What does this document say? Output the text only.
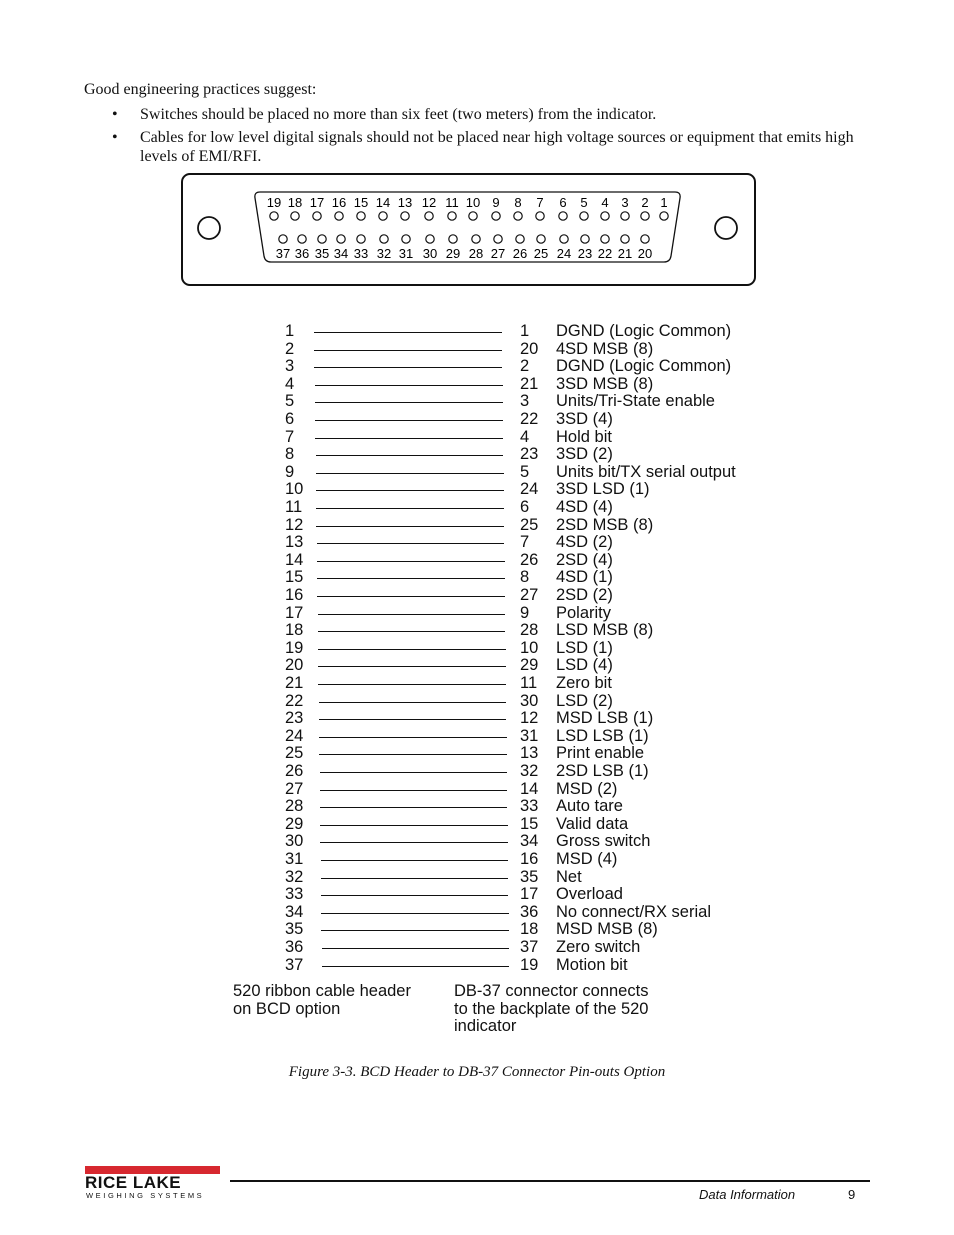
Good engineering practices suggest:
• Switches should be placed no more than six feet (two meters) from the indicator.
• Cables for low level digital signals should not be placed near high voltage sources or equipment that emits high levels of EMI/RFI.
19 18 17 16 15 14 13 12 11 10 9 8 7 6 5 4 3 2 1
37 36 35 34 33 32 31 30 29 28 27 26 25 24 23 22 21 20
1	1 DGND (Logic Common)
2	20 4SD MSB (8)
3	2 DGND (Logic Common)
4	21 3SD MSB (8)
5	3 Units/Tri-State enable
6	22 3SD (4)
7	4 Hold bit
8	23 3SD (2)
9	5 Units bit/TX serial output
10	24 3SD LSD (1)
11	6 4SD (4)
12	25 2SD MSB (8)
13	7 4SD (2)
14	26 2SD (4)
15	8 4SD (1)
16	27 2SD (2)
17	9 Polarity
18	28 LSD MSB (8)
19	10 LSD (1)
20	29 LSD (4)
21	11 Zero bit
22	30 LSD (2)
23	12 MSD LSB (1)
24	31 LSD LSB (1)
25	13 Print enable
26	32 2SD LSB (1)
27	14 MSD (2)
28	33 Auto tare
29	15 Valid data
30	34 Gross switch
31	16 MSD (4)
32	35 Net
33	17 Overload
34	36 No connect/RX serial
35	18 MSD MSB (8)
36	37 Zero switch
37	19 Motion bit
520 ribbon cable header on BCD option
DB-37 connector connects to the backplate of the 520 indicator
Figure 3-3. BCD Header to DB-37 Connector Pin-outs Option
RICE LAKE
WEIGHING SYSTEMS	Data Information	9
